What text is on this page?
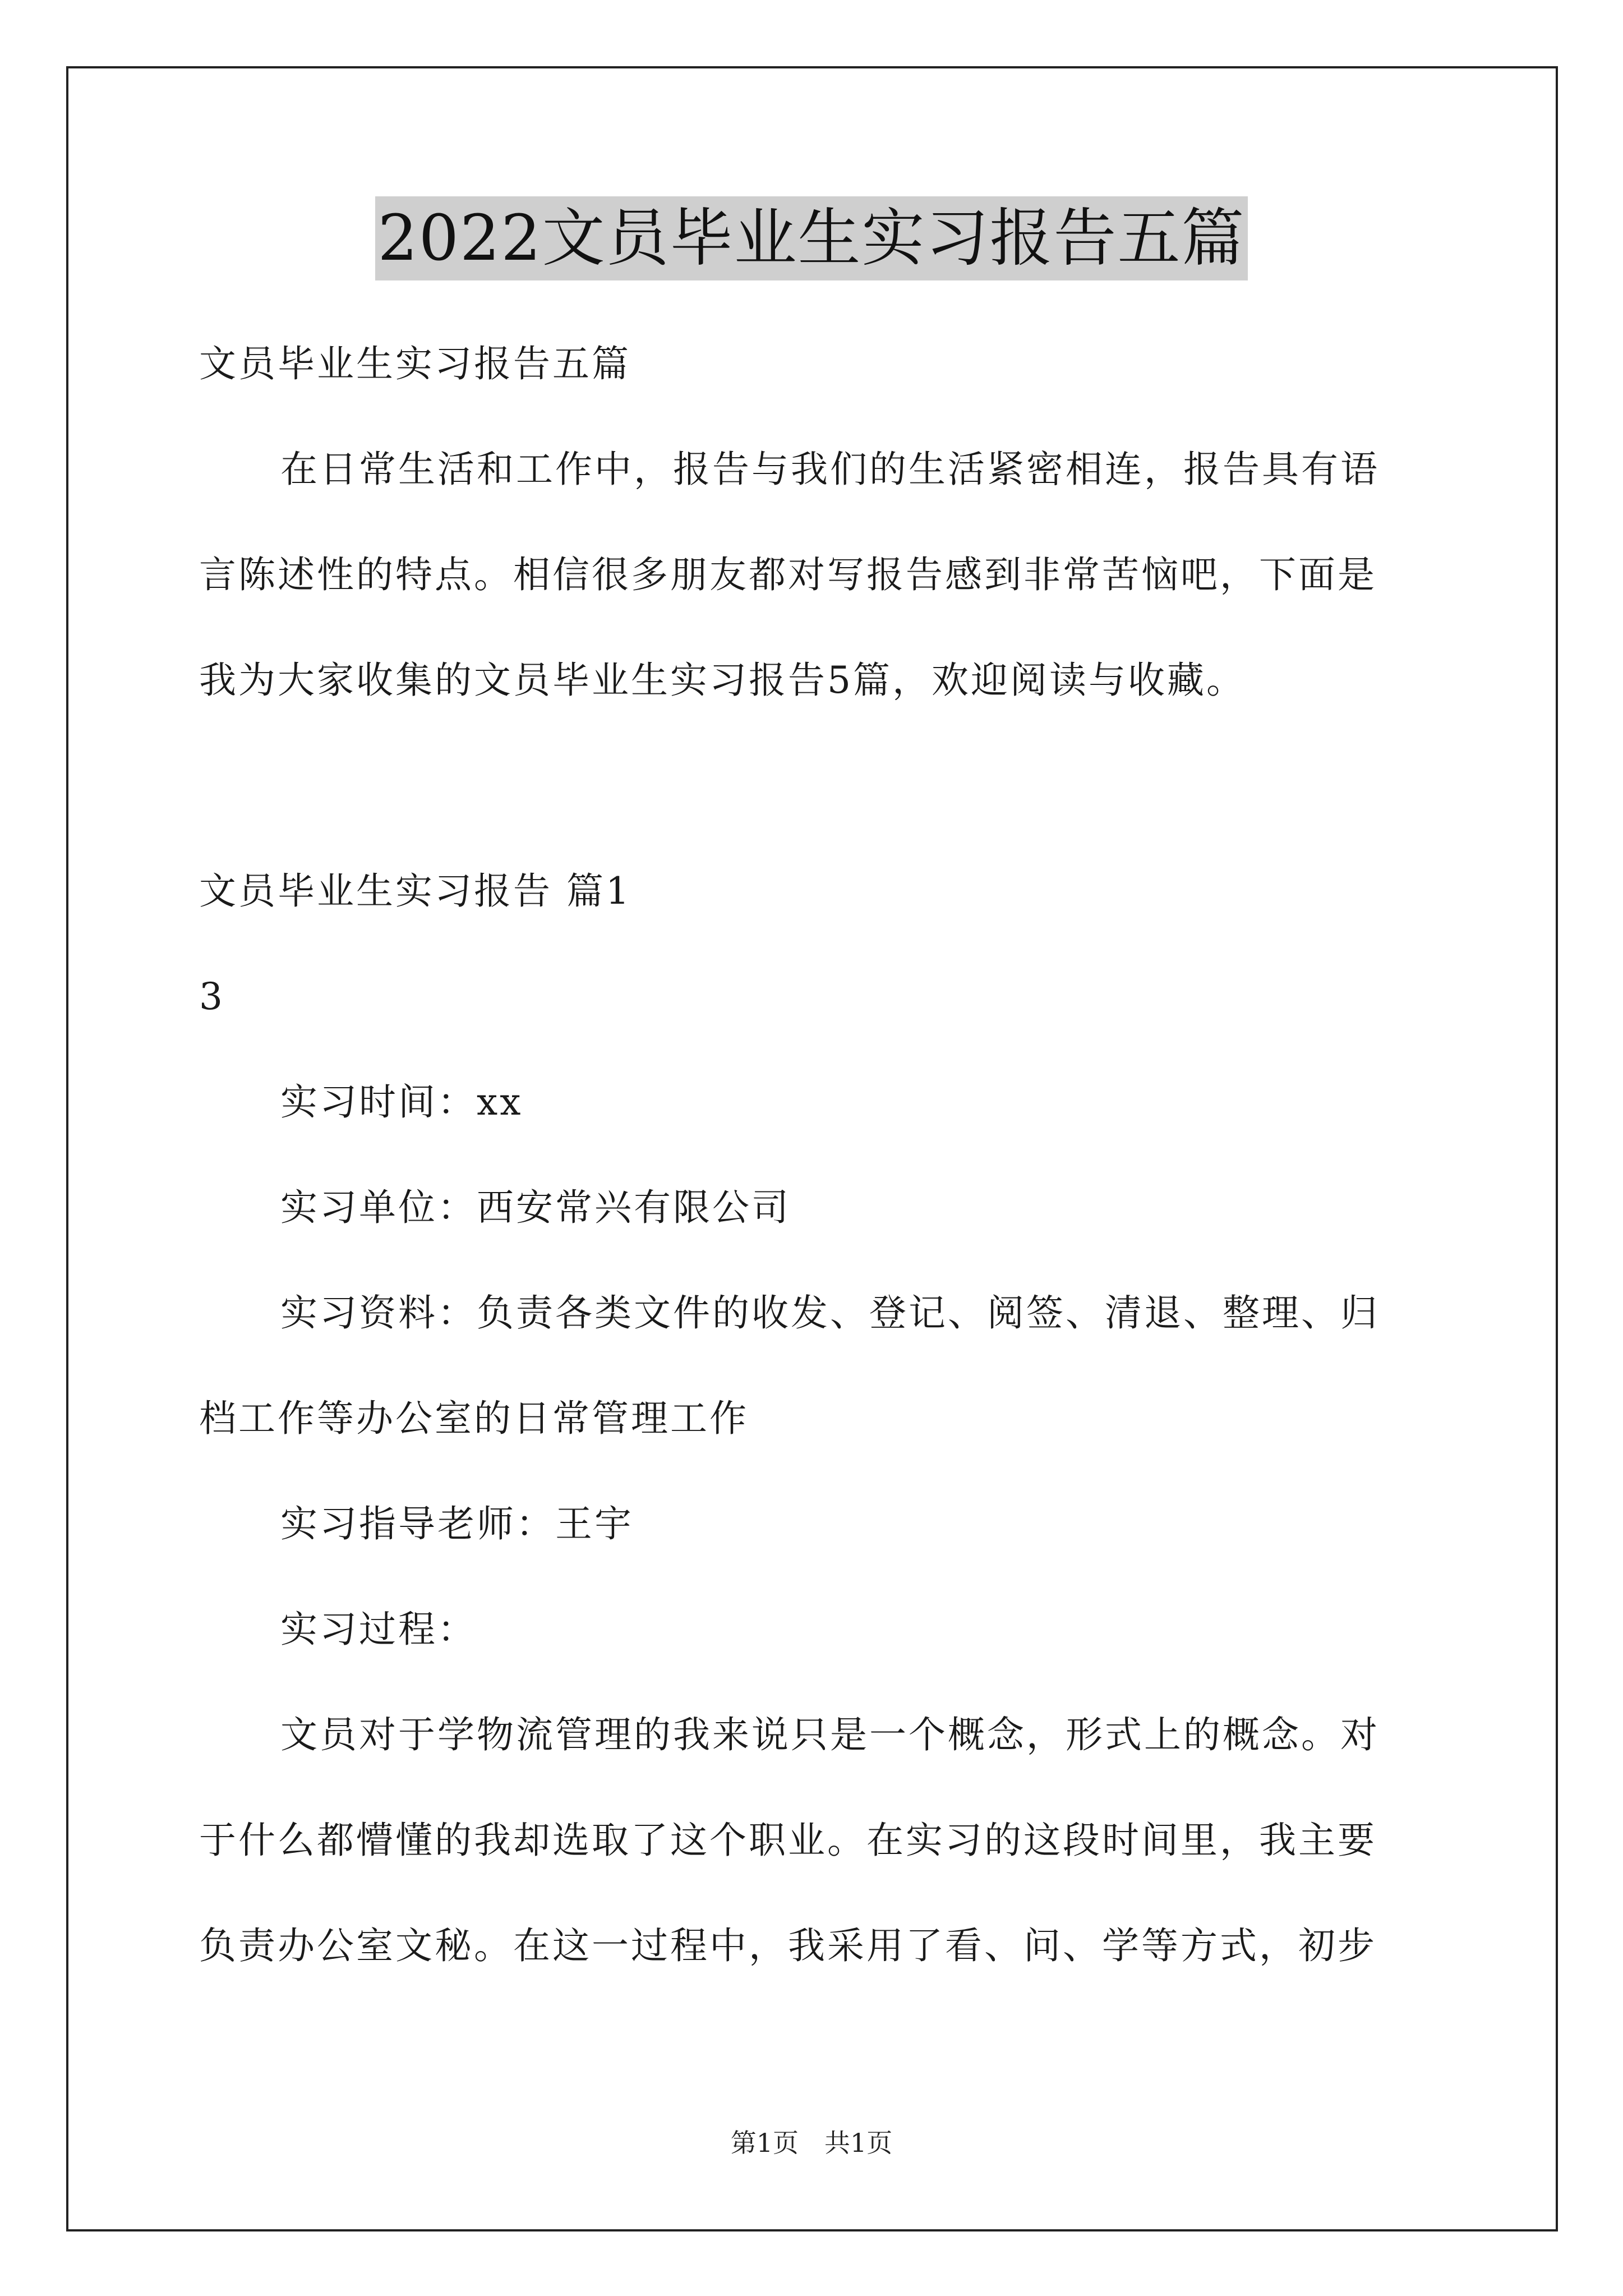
2022文员毕业生实习报告五篇
文员毕业生实习报告五篇
在日常生活和工作中，报告与我们的生活紧密相连，报告具有语
言陈述性的特点。相信很多朋友都对写报告感到非常苦恼吧，下面是
我为大家收集的文员毕业生实习报告5篇，欢迎阅读与收藏。
文员毕业生实习报告 篇1
3
实习时间：xx
实习单位：西安常兴有限公司
实习资料：负责各类文件的收发、登记、阅签、清退、整理、归
档工作等办公室的日常管理工作
实习指导老师：王宇
实习过程：
文员对于学物流管理的我来说只是一个概念，形式上的概念。对
于什么都懵懂的我却选取了这个职业。在实习的这段时间里，我主要
负责办公室文秘。在这一过程中，我采用了看、问、学等方式，初步
第1页 共1页
